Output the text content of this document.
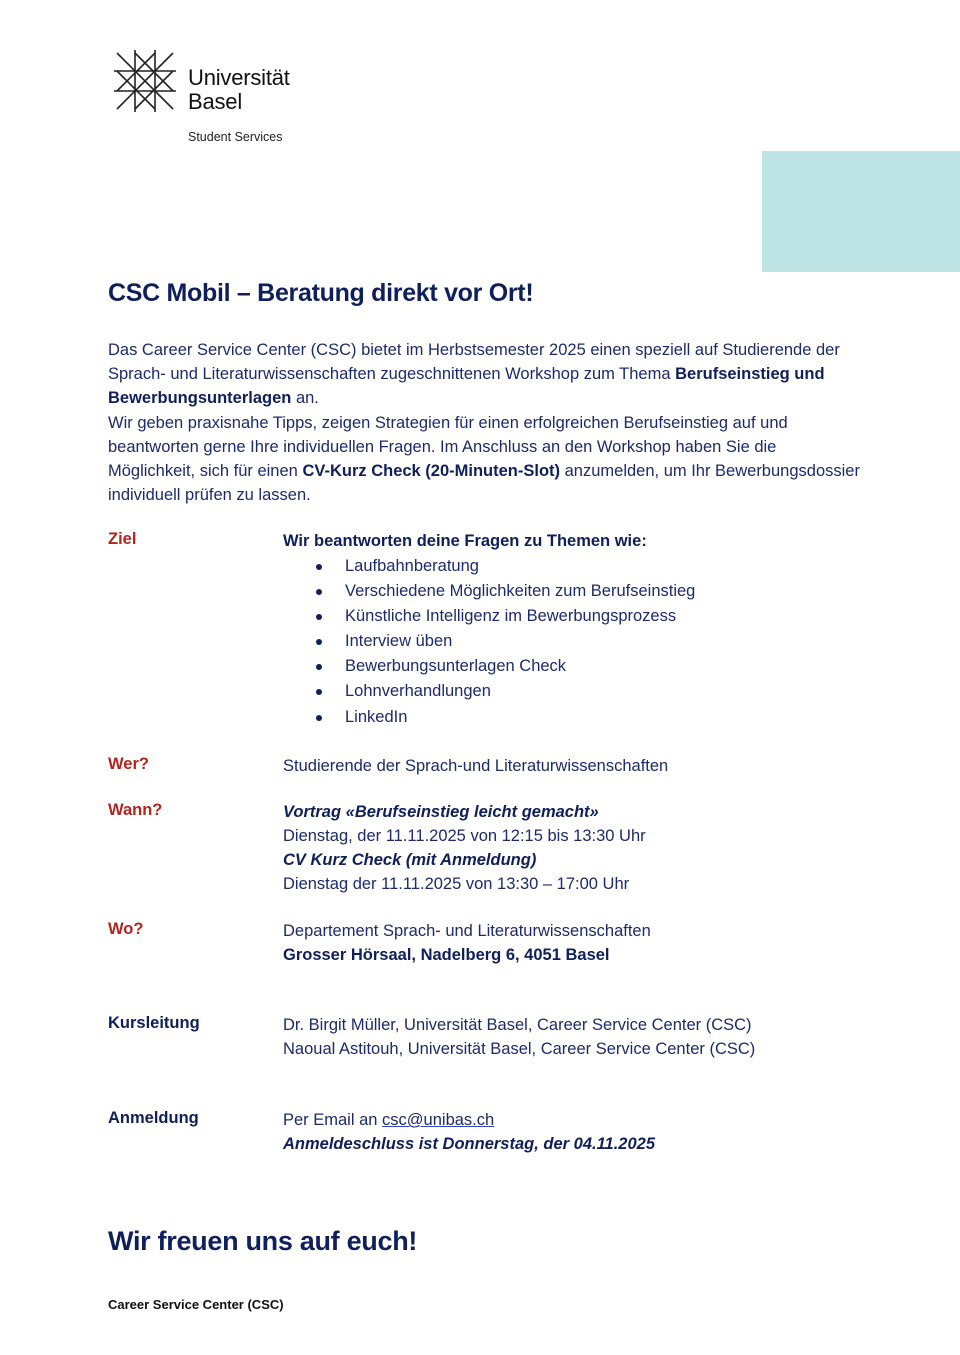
Universität
Basel
Student Services
CSC Mobil – Beratung direkt vor Ort!

Das Career Service Center (CSC) bietet im Herbstsemester 2025 einen speziell auf Studierende der Sprach- und Literaturwissenschaften zugeschnittenen Workshop zum Thema Berufseinstieg und Bewerbungsunterlagen an.

Wir geben praxisnahe Tipps, zeigen Strategien für einen erfolgreichen Berufseinstieg auf und beantworten gerne Ihre individuellen Fragen. Im Anschluss an den Workshop haben Sie die Möglichkeit, sich für einen CV-Kurz Check (20-Minuten-Slot) anzumelden, um Ihr Bewerbungsdossier individuell prüfen zu lassen.

Ziel	Wir beantworten deine Fragen zu Themen wie:
Laufbahnberatung
Verschiedene Möglichkeiten zum Berufseinstieg
Künstliche Intelligenz im Bewerbungsprozess
Interview üben
Bewerbungsunterlagen Check
Lohnverhandlungen
LinkedIn
Wer?	Studierende der Sprach-und Literaturwissenschaften
Wann?	Vortrag «Berufseinstieg leicht gemacht»

Dienstag, der 11.11.2025 von 12:15 bis 13:30 Uhr

CV Kurz Check (mit Anmeldung)

Dienstag der 11.11.2025 von 13:30 – 17:00 Uhr

Wo?	Departement Sprach- und Literaturwissenschaften

Grosser Hörsaal, Nadelberg 6, 4051 Basel

Kursleitung	Dr. Birgit Müller, Universität Basel, Career Service Center (CSC)

Naoual Astitouh, Universität Basel, Career Service Center (CSC)

Anmeldung	Per Email an csc@unibas.ch

Anmeldeschluss ist Donnerstag, der 04.11.2025

Wir freuen uns auf euch!
Career Service Center (CSC)
